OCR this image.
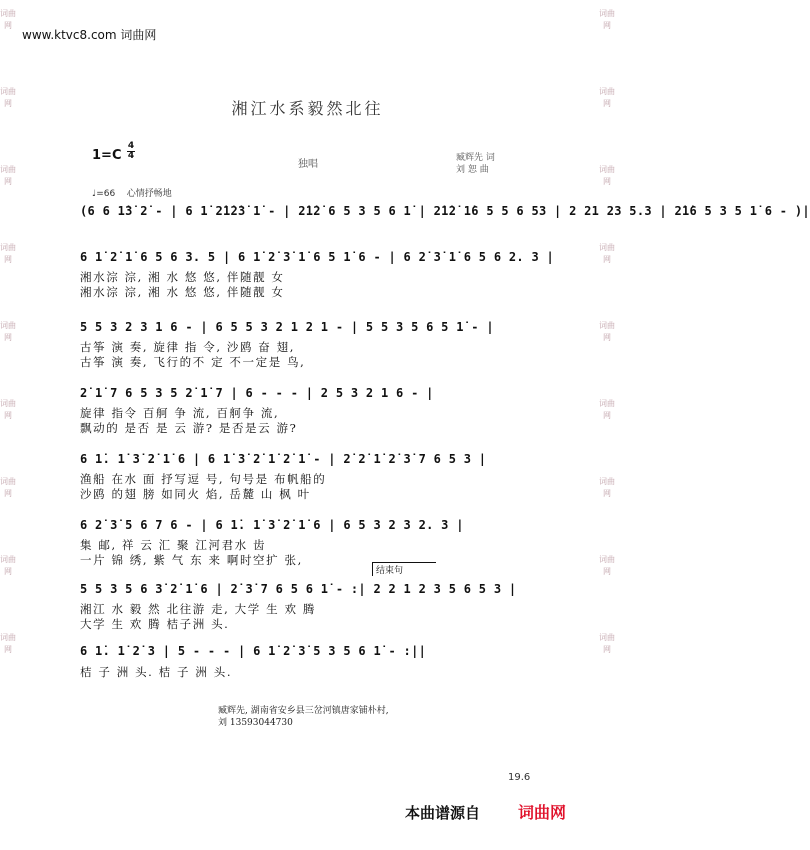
词曲网
词曲网
词曲网
词曲网
词曲网
词曲网
词曲网
词曲网
词曲网
词曲网
词曲网
词曲网
词曲网
词曲网
词曲网
词曲网
词曲网
词曲网
www.ktvc8.com 词曲网
湘江水系毅然北往
1=C
4
4
独唱
臧辉先 词
刘 恕 曲
♩=66 心情抒畅地
(6 6 1̇3̇ 2̇ - | 6 1̇ 2̇1̇2̇3̇ 1̇ - | 2̇1̇2̇ 6 5 3 5 6 1̇ | 2̇1̇2̇ 1̇6 5 5 6 53 | 2 21 23 5.3 | 2̇1̇6 5 3 5 1̇ 6 - )|
6 1̇ 2̇ 1̇ 6 5 6 3. 5 | 6 1̇ 2̇ 3̇ 1̇ 6 5 1̇ 6 - | 6 2̇ 3̇ 1̇ 6 5 6 2. 3 |
湘水淙 淙, 湘 水 悠 悠, 伴随靓 女
湘水淙 淙, 湘 水 悠 悠, 伴随靓 女
5 5 3 2 3 1 6 - | 6 5 5 3 2 1 2 1 - | 5 5 3 5 6 5 1̇ - |
古筝 演 奏, 旋律 指 令, 沙鸥 奋 翅,
古筝 演 奏, 飞行的不 定 不一定是 鸟,
2̇ 1̇ 7 6 5 3 5 2̇ 1̇ 7 | 6 - - - | 2 5 3 2 1 6 - |
旋律 指令 百舸 争 流, 百舸争 流,
飘动的 是否 是 云 游? 是否是云 游?
6 1̇. 1̇ 3̇ 2̇ 1̇ 6 | 6 1̇ 3̇ 2̇ 1̇ 2̇ 1̇ - | 2̇ 2̇ 1̇ 2̇ 3̇ 7 6 5 3 |
渔船 在水 面 抒写逗 号, 句号是 布帆船的
沙鸥 的翅 膀 如同火 焰, 岳麓 山 枫 叶
6 2̇ 3̇ 5 6 7 6 - | 6 1̇. 1̇ 3̇ 2̇ 1̇ 6 | 6 5 3 2 3 2. 3 |
集 邮, 祥 云 汇 聚 江河君水 齿
一片 锦 绣, 紫 气 东 来 啊时空扩 张,
结束句
5 5 3 5 6 3̇ 2̇ 1̇ 6 | 2̇ 3̇ 7 6 5 6 1̇ - :| 2 2 1 2 3 5 6 5 3 |
湘江 水 毅 然 北往游 走, 大学 生 欢 腾
大学 生 欢 腾 桔子洲 头.
6 1̇. 1̇ 2̇ 3 | 5 - - - | 6 1̇ 2̇ 3̇ 5 3 5 6 1̇ - :||
桔 子 洲 头. 桔 子 洲 头.
臧辉先, 湖南省安乡县三岔河镇唐家铺朴村,
刘 13593044730
19.6
本曲谱源自 词曲网
